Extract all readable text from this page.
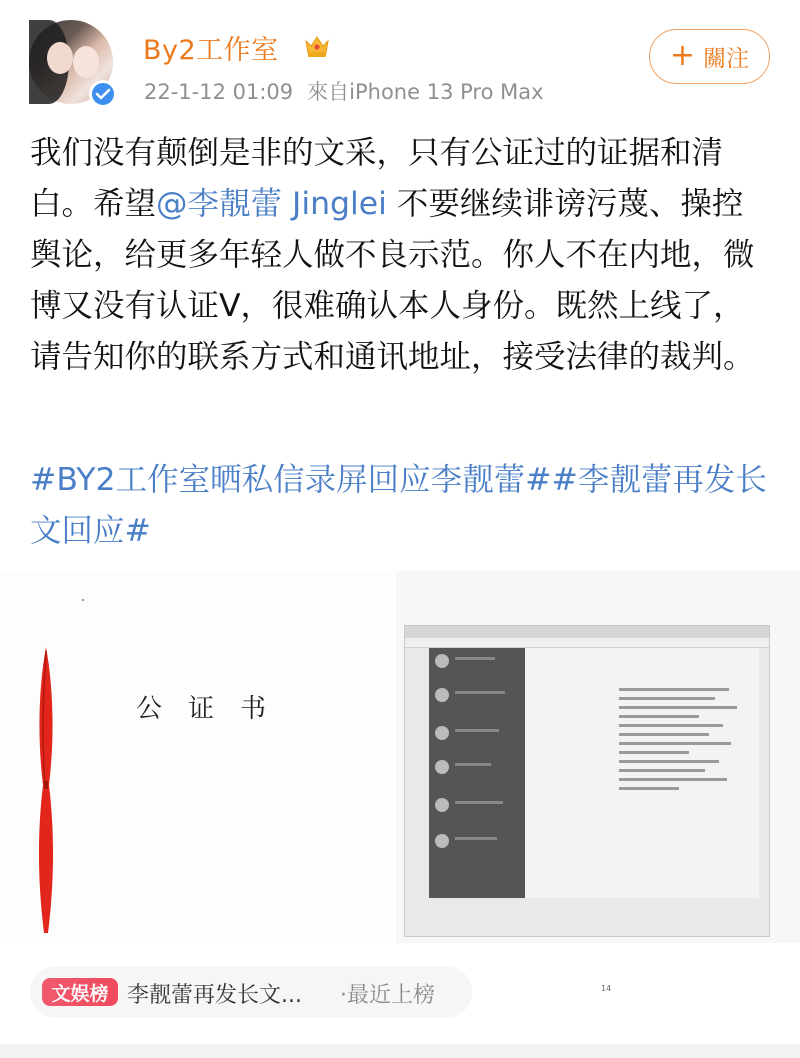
By2工作室
22-1-12 01:09 來自iPhone 13 Pro Max
+ 關注
我们没有颠倒是非的文采，只有公证过的证据和清白。希望@李靚蕾 Jinglei 不要继续诽谤污蔑、操控舆论，给更多年轻人做不良示范。你人不在内地，微博又没有认证V，很难确认本人身份。既然上线了，请告知你的联系方式和通讯地址，接受法律的裁判。
#BY2工作室晒私信录屏回应李靓蕾##李靓蕾再发长文回应#
公证书
14
文娱榜 李靓蕾再发长文... ·最近上榜
